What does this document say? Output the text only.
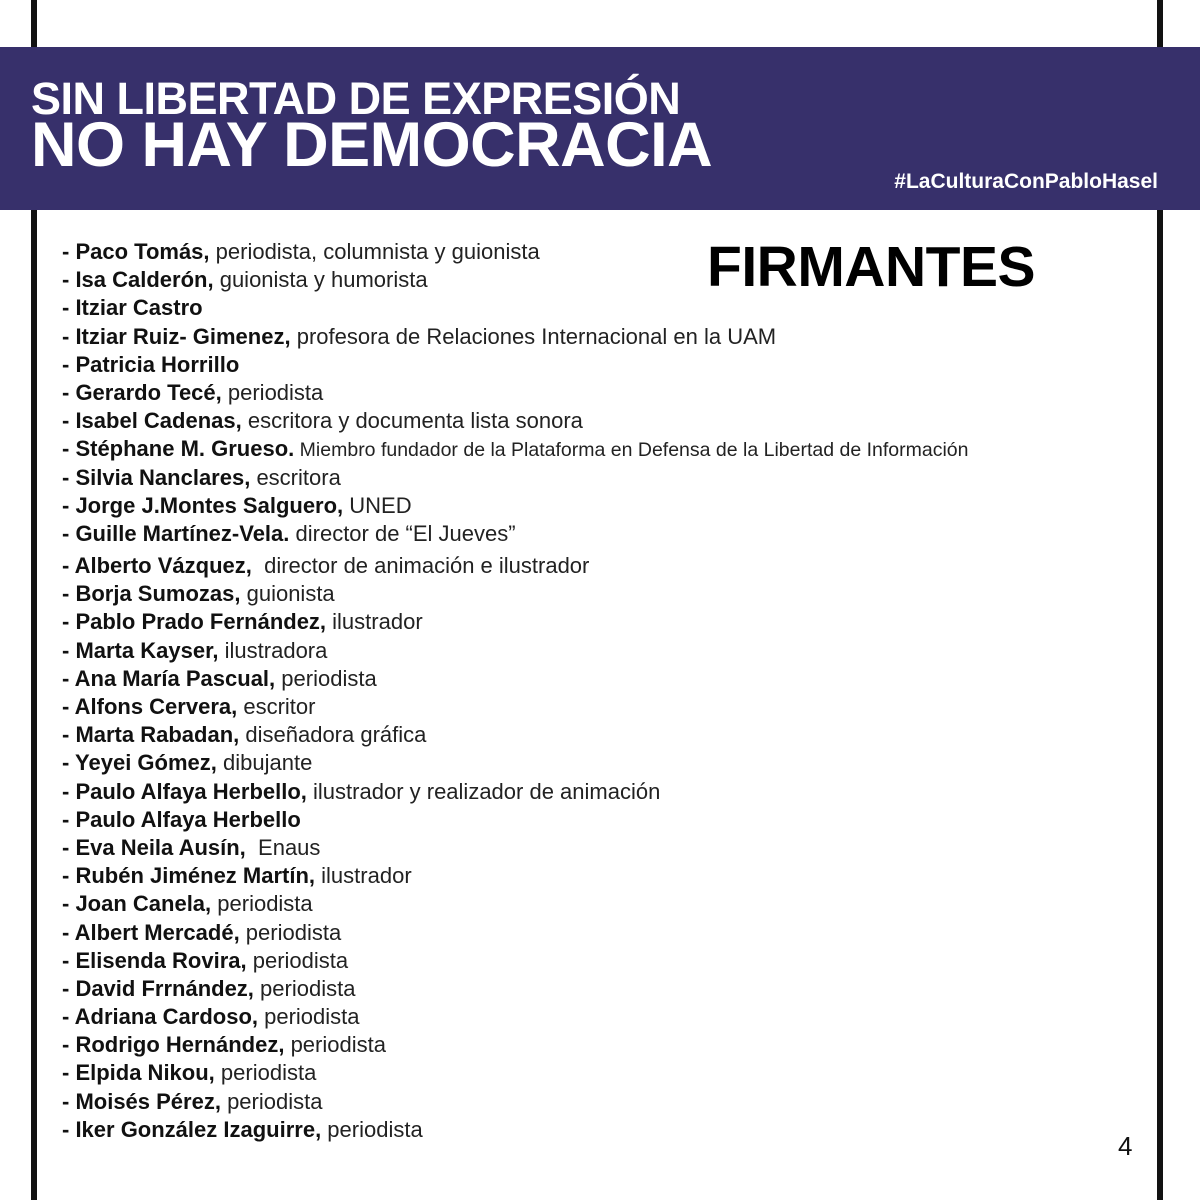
SIN LIBERTAD DE EXPRESIÓN
NO HAY DEMOCRACIA
#LaCulturaConPabloHasel
FIRMANTES
- Paco Tomás, periodista, columnista y guionista
- Isa Calderón, guionista y humorista
- Itziar Castro
- Itziar Ruiz- Gimenez, profesora de Relaciones Internacional en la UAM
- Patricia Horrillo
- Gerardo Tecé, periodista
- Isabel Cadenas, escritora y documenta lista sonora
- Stéphane M. Grueso. Miembro fundador de la Plataforma en Defensa de la Libertad de Información
- Silvia Nanclares, escritora
- Jorge J.Montes Salguero, UNED
- Guille Martínez-Vela. director de “El Jueves”
- Alberto Vázquez,  director de animación e ilustrador
- Borja Sumozas, guionista
- Pablo Prado Fernández, ilustrador
- Marta Kayser, ilustradora
- Ana María Pascual, periodista
- Alfons Cervera, escritor
- Marta Rabadan, diseñadora gráfica
- Yeyei Gómez, dibujante
- Paulo Alfaya Herbello, ilustrador y realizador de animación
- Paulo Alfaya Herbello
- Eva Neila Ausín,  Enaus
- Rubén Jiménez Martín, ilustrador
- Joan Canela, periodista
- Albert Mercadé, periodista
- Elisenda Rovira, periodista
- David Frrnández, periodista
- Adriana Cardoso, periodista
- Rodrigo Hernández, periodista
- Elpida Nikou, periodista
- Moisés Pérez, periodista
- Iker González Izaguirre, periodista
4
